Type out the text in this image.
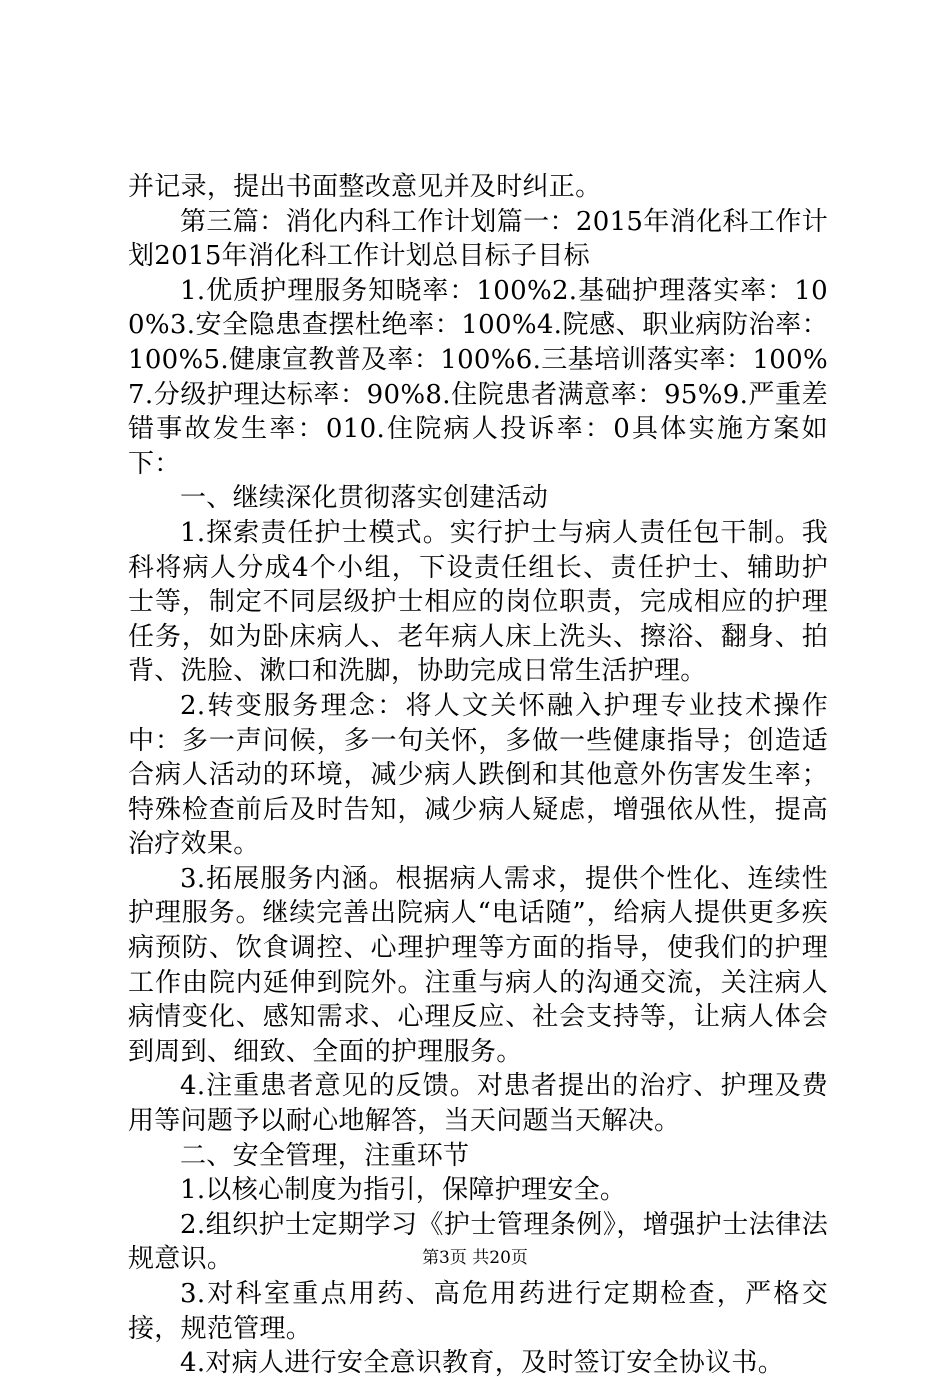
并记录，提出书面整改意见并及时纠正。

第三篇：消化内科工作计划篇一：2015年消化科工作计划2015年消化科工作计划总目标子目标

1.优质护理服务知晓率：100%2.基础护理落实率：100%3.安全隐患查摆杜绝率：100%4.院感、职业病防治率：100%5.健康宣教普及率：100%6.三基培训落实率：100%7.分级护理达标率：90%8.住院患者满意率：95%9.严重差错事故发生率：010.住院病人投诉率：0具体实施方案如下：

一、继续深化贯彻落实创建活动

1.探索责任护士模式。实行护士与病人责任包干制。我科将病人分成4个小组，下设责任组长、责任护士、辅助护士等，制定不同层级护士相应的岗位职责，完成相应的护理任务，如为卧床病人、老年病人床上洗头、擦浴、翻身、拍背、洗脸、漱口和洗脚，协助完成日常生活护理。

2.转变服务理念：将人文关怀融入护理专业技术操作中：多一声问候，多一句关怀，多做一些健康指导；创造适合病人活动的环境，减少病人跌倒和其他意外伤害发生率；特殊检查前后及时告知，减少病人疑虑，增强依从性，提高治疗效果。

3.拓展服务内涵。根据病人需求，提供个性化、连续性护理服务。继续完善出院病人“电话随”，给病人提供更多疾病预防、饮食调控、心理护理等方面的指导，使我们的护理工作由院内延伸到院外。注重与病人的沟通交流，关注病人病情变化、感知需求、心理反应、社会支持等，让病人体会到周到、细致、全面的护理服务。

4.注重患者意见的反馈。对患者提出的治疗、护理及费用等问题予以耐心地解答，当天问题当天解决。

二、安全管理，注重环节

1.以核心制度为指引，保障护理安全。

2.组织护士定期学习《护士管理条例》，增强护士法律法规意识。

3.对科室重点用药、高危用药进行定期检查，严格交接，规范管理。

4.对病人进行安全意识教育，及时签订安全协议书。

第3页 共20页
